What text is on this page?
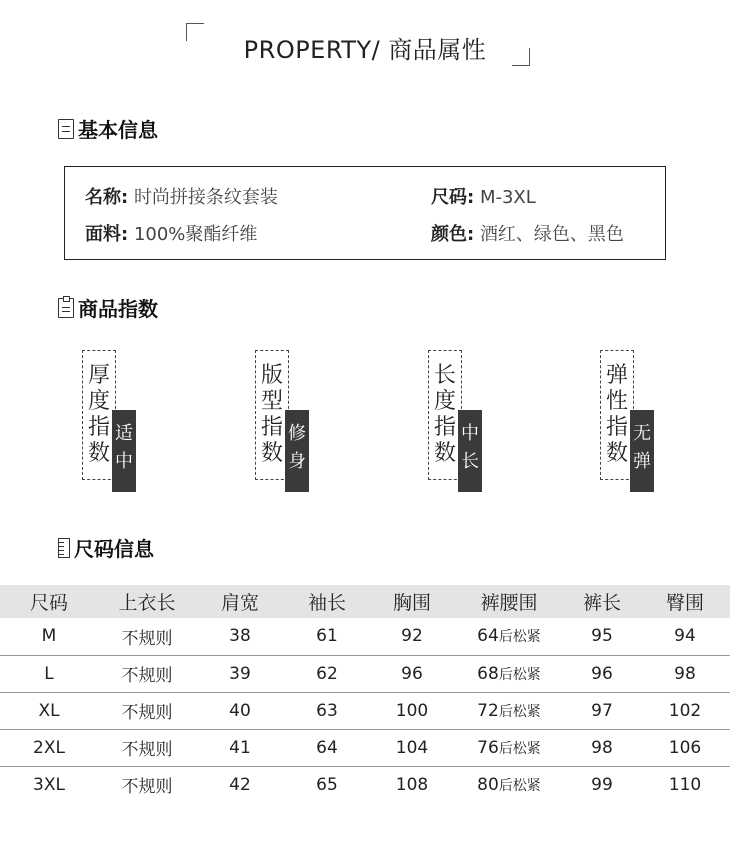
PROPERTY/ 商品属性
基本信息
名称: 时尚拼接条纹套装	尺码: M-3XL
面料: 100%聚酯纤维	颜色: 酒红、绿色、黑色
商品指数
厚度指数
适中
版型指数
修身
长度指数
中长
弹性指数
无弹
尺码信息
尺码	上衣长	肩宽	袖长	胸围	裤腰围	裤长	臀围
M	不规则	38	61	92	64后松紧	95	94
L	不规则	39	62	96	68后松紧	96	98
XL	不规则	40	63	100	72后松紧	97	102
2XL	不规则	41	64	104	76后松紧	98	106
3XL	不规则	42	65	108	80后松紧	99	110
